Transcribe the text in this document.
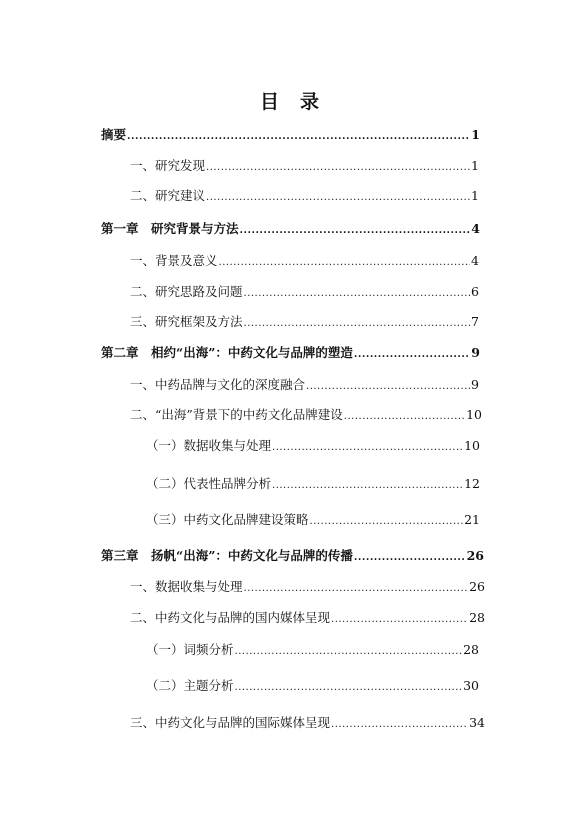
目　录
摘要 .....	1
一、研究发现 .....	1
二、研究建议 .....	1
第一章　研究背景与方法 .....	4
一、背景及意义 .....	4
二、研究思路及问题 .....	6
三、研究框架及方法 .....	7
第二章　相约“出海”：中药文化与品牌的塑造 .....	9
一、中药品牌与文化的深度融合 .....	9
二、“出海”背景下的中药文化品牌建设 .....	10
（一）数据收集与处理 .....	10
（二）代表性品牌分析 .....	12
（三）中药文化品牌建设策略 .....	21
第三章　扬帆“出海”：中药文化与品牌的传播 .....	26
一、数据收集与处理 .....	26
二、中药文化与品牌的国内媒体呈现 .....	28
（一）词频分析 .....	28
（二）主题分析 .....	30
三、中药文化与品牌的国际媒体呈现 .....	34
